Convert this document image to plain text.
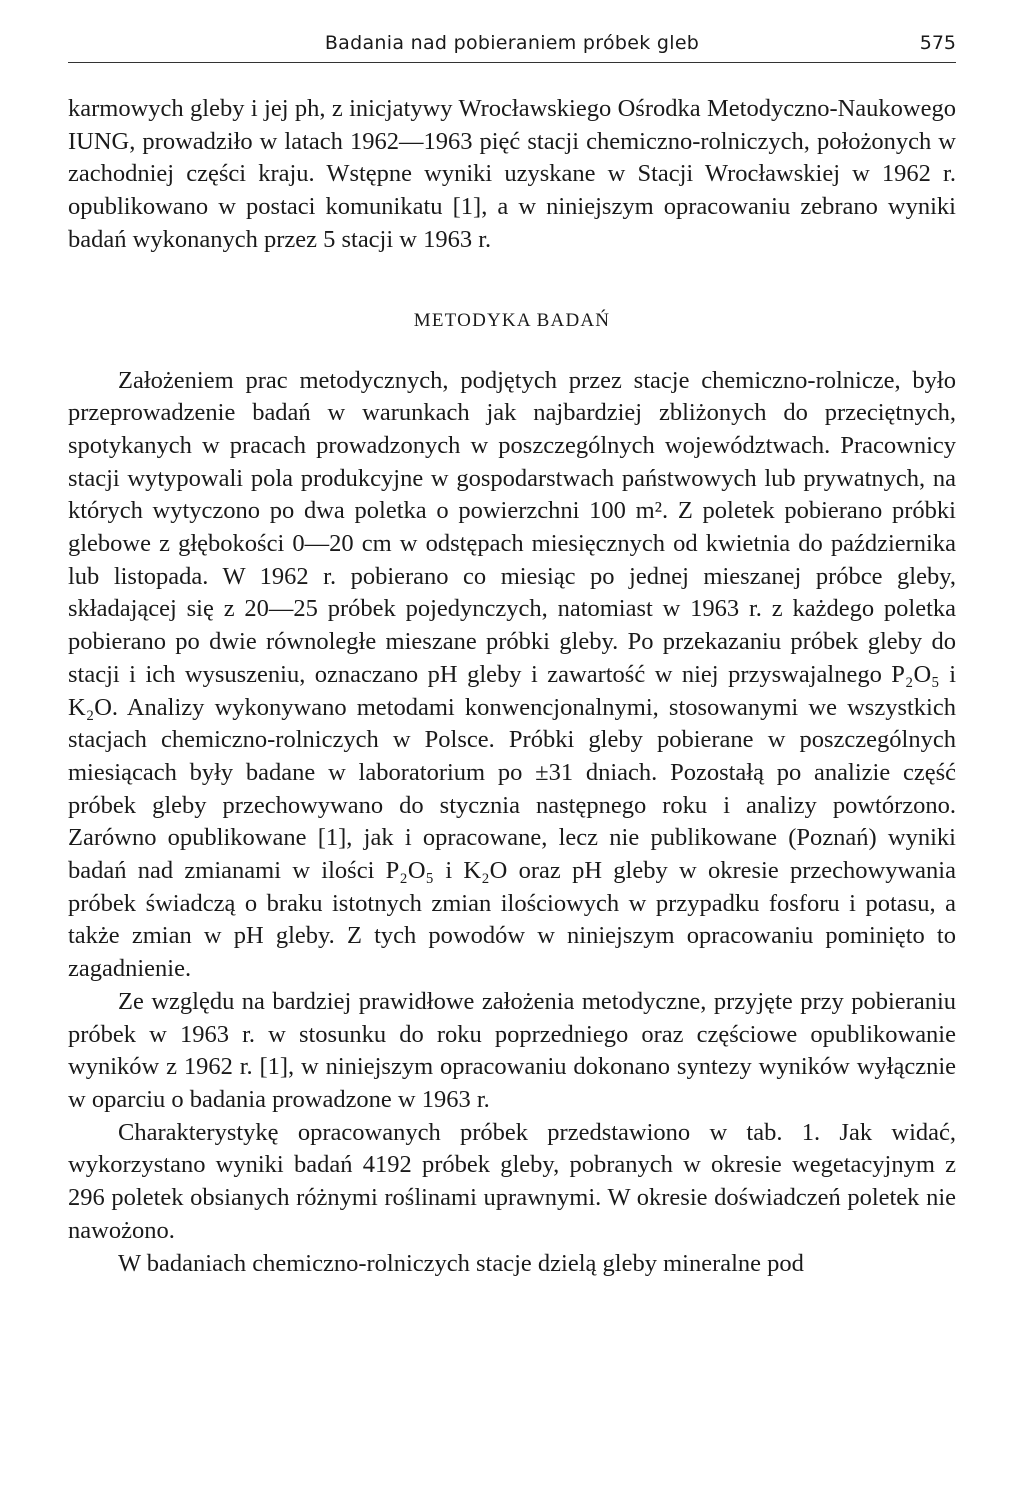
Badania nad pobieraniem próbek gleb	575

karmowych gleby i jej ph, z inicjatywy Wrocławskiego Ośrodka Metodyczno-Naukowego IUNG, prowadziło w latach 1962—1963 pięć stacji chemiczno-rolniczych, położonych w zachodniej części kraju. Wstępne wyniki uzyskane w Stacji Wrocławskiej w 1962 r. opublikowano w postaci komunikatu [1], a w niniejszym opracowaniu zebrano wyniki badań wykonanych przez 5 stacji w 1963 r.

METODYKA BADAŃ

Założeniem prac metodycznych, podjętych przez stacje chemiczno-rolnicze, było przeprowadzenie badań w warunkach jak najbardziej zbliżonych do przeciętnych, spotykanych w pracach prowadzonych w poszczególnych województwach. Pracownicy stacji wytypowali pola produkcyjne w gospodarstwach państwowych lub prywatnych, na których wytyczono po dwa poletka o powierzchni 100 m². Z poletek pobierano próbki glebowe z głębokości 0—20 cm w odstępach miesięcznych od kwietnia do października lub listopada. W 1962 r. pobierano co miesiąc po jednej mieszanej próbce gleby, składającej się z 20—25 próbek pojedynczych, natomiast w 1963 r. z każdego poletka pobierano po dwie równoległe mieszane próbki gleby. Po przekazaniu próbek gleby do stacji i ich wysuszeniu, oznaczano pH gleby i zawartość w niej przyswajalnego P₂O₅ i K₂O. Analizy wykonywano metodami konwencjonalnymi, stosowanymi we wszystkich stacjach chemiczno-rolniczych w Polsce. Próbki gleby pobierane w poszczególnych miesiącach były badane w laboratorium po ±31 dniach. Pozostałą po analizie część próbek gleby przechowywano do stycznia następnego roku i analizy powtórzono. Zarówno opublikowane [1], jak i opracowane, lecz nie publikowane (Poznań) wyniki badań nad zmianami w ilości P₂O₅ i K₂O oraz pH gleby w okresie przechowywania próbek świadczą o braku istotnych zmian ilościowych w przypadku fosforu i potasu, a także zmian w pH gleby. Z tych powodów w niniejszym opracowaniu pominięto to zagadnienie.

Ze względu na bardziej prawidłowe założenia metodyczne, przyjęte przy pobieraniu próbek w 1963 r. w stosunku do roku poprzedniego oraz częściowe opublikowanie wyników z 1962 r. [1], w niniejszym opracowaniu dokonano syntezy wyników wyłącznie w oparciu o badania prowadzone w 1963 r.

Charakterystykę opracowanych próbek przedstawiono w tab. 1. Jak widać, wykorzystano wyniki badań 4192 próbek gleby, pobranych w okresie wegetacyjnym z 296 poletek obsianych różnymi roślinami uprawnymi. W okresie doświadczeń poletek nie nawożono.

W badaniach chemiczno-rolniczych stacje dzielą gleby mineralne pod
